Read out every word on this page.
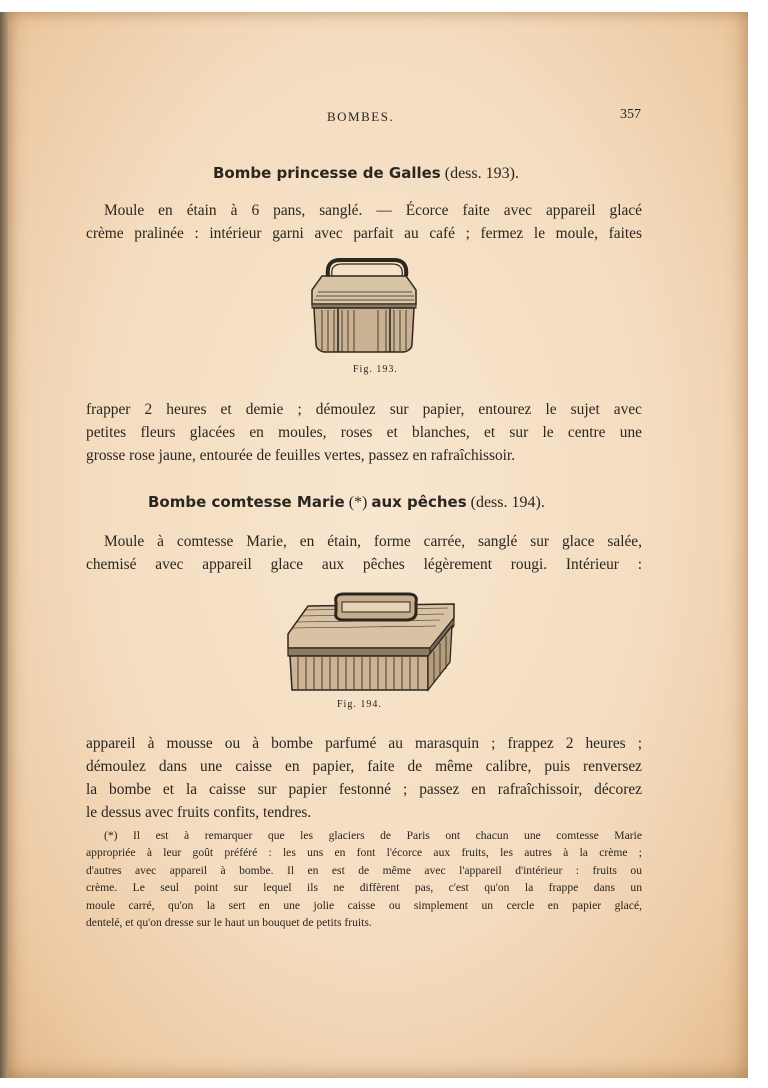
BOMBES.	357
Bombe princesse de Galles (dess. 193).
Moule en étain à 6 pans, sanglé. — Écorce faite avec appareil glacé
crème pralinée : intérieur garni avec parfait au café ; fermez le moule, faites
Fig. 193.
frapper 2 heures et demie ; démoulez sur papier, entourez le sujet avec
petites fleurs glacées en moules, roses et blanches, et sur le centre une
grosse rose jaune, entourée de feuilles vertes, passez en rafraîchissoir.
Bombe comtesse Marie (*) aux pêches (dess. 194).
Moule à comtesse Marie, en étain, forme carrée, sanglé sur glace salée,
chemisé avec appareil glace aux pêches légèrement rougi. Intérieur :
Fig. 194.
appareil à mousse ou à bombe parfumé au marasquin ; frappez 2 heures ;
démoulez dans une caisse en papier, faite de même calibre, puis renversez
la bombe et la caisse sur papier festonné ; passez en rafraîchissoir, décorez
le dessus avec fruits confits, tendres.
(*) Il est à remarquer que les glaciers de Paris ont chacun une comtesse Marie
appropriée à leur goût préféré : les uns en font l'écorce aux fruits, les autres à la crème ;
d'autres avec appareil à bombe. Il en est de même avec l'appareil d'intérieur : fruits ou
crème. Le seul point sur lequel ils ne diffèrent pas, c'est qu'on la frappe dans un
moule carré, qu'on la sert en une jolie caisse ou simplement un cercle en papier glacé,
dentelé, et qu'on dresse sur le haut un bouquet de petits fruits.
